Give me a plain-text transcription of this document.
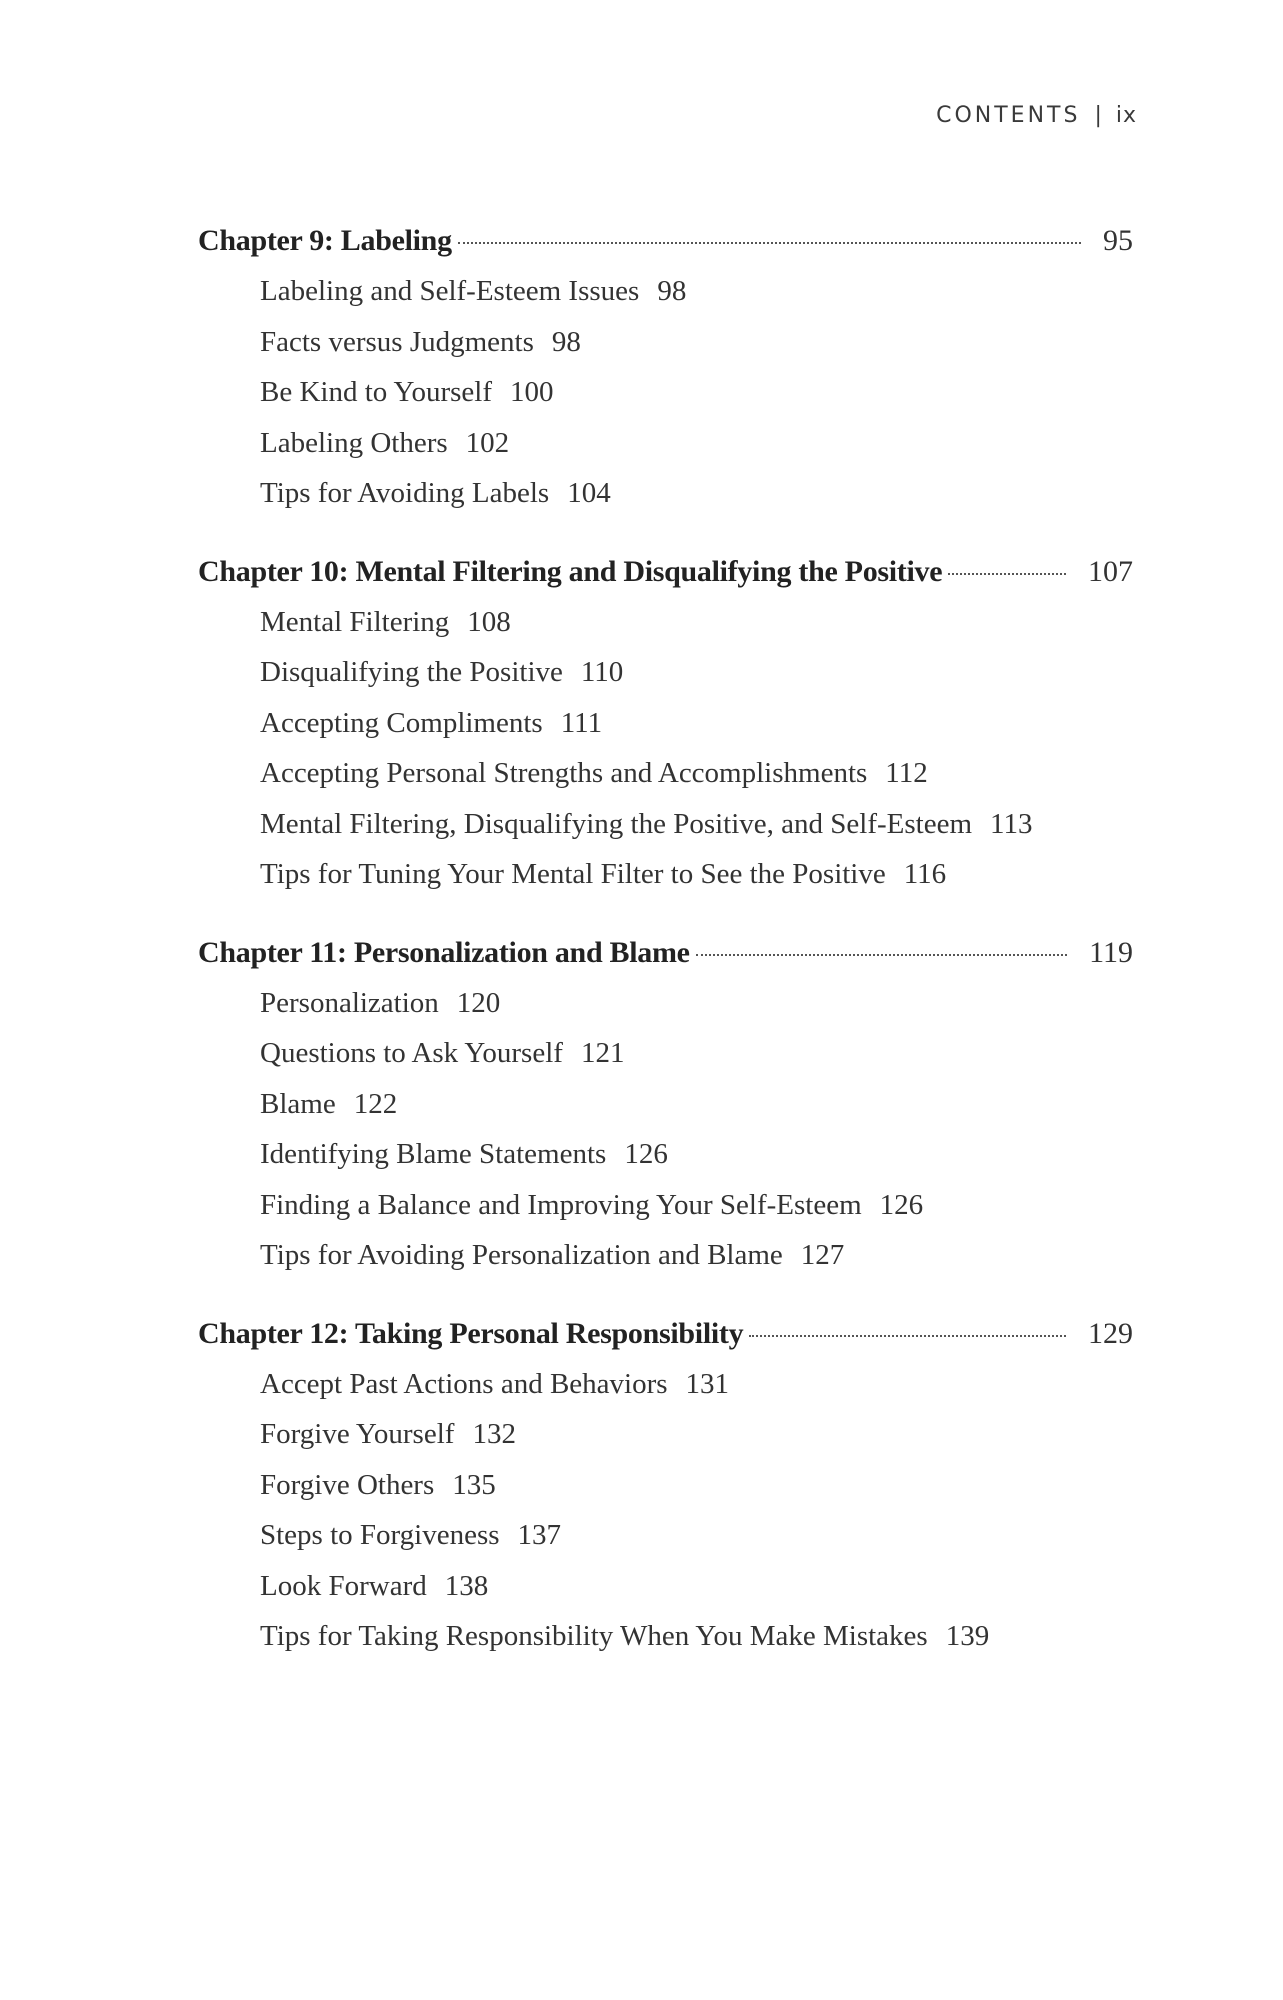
CONTENTS | ix
Chapter 9: Labeling	95
Labeling and Self-Esteem Issues 98
Facts versus Judgments 98
Be Kind to Yourself 100
Labeling Others 102
Tips for Avoiding Labels 104
Chapter 10: Mental Filtering and Disqualifying the Positive	107
Mental Filtering 108
Disqualifying the Positive 110
Accepting Compliments 111
Accepting Personal Strengths and Accomplishments 112
Mental Filtering, Disqualifying the Positive, and Self-Esteem 113
Tips for Tuning Your Mental Filter to See the Positive 116
Chapter 11: Personalization and Blame	119
Personalization 120
Questions to Ask Yourself 121
Blame 122
Identifying Blame Statements 126
Finding a Balance and Improving Your Self-Esteem 126
Tips for Avoiding Personalization and Blame 127
Chapter 12: Taking Personal Responsibility	129
Accept Past Actions and Behaviors 131
Forgive Yourself 132
Forgive Others 135
Steps to Forgiveness 137
Look Forward 138
Tips for Taking Responsibility When You Make Mistakes 139
